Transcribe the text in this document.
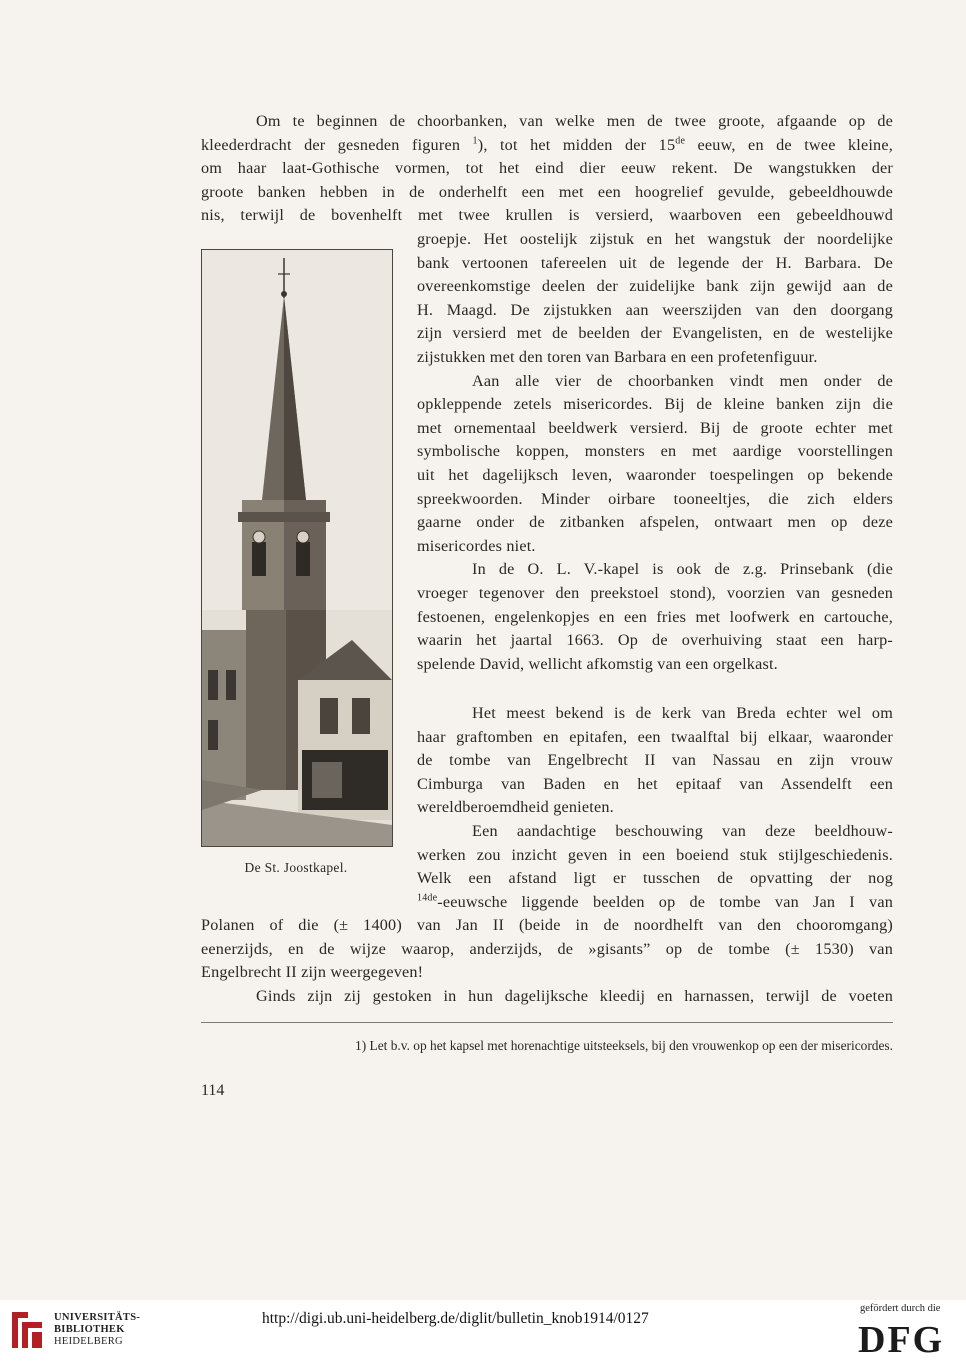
Om te beginnen de choorbanken, van welke men de twee groote, afgaande op de
kleederdracht der gesneden figuren $^1$), tot het midden der 15de eeuw, en de twee kleine,
om haar laat-Gothische vormen, tot het eind dier eeuw rekent. De wangstukken der
groote banken hebben in de onderhelft een met een hoogrelief gevulde, gebeeldhouwde
nis, terwijl de bovenhelft met twee krullen is versierd, waarboven een gebeeldhouwd
De St. Joostkapel.
groepje. Het oostelijk zijstuk en het wangstuk der noordelijke
bank vertoonen tafereelen uit de legende der H. Barbara. De
overeenkomstige deelen der zuidelijke bank zijn gewijd aan de
H. Maagd. De zijstukken aan weerszijden van den doorgang
zijn versierd met de beelden der Evangelisten, en de westelijke
zijstukken met den toren van Barbara en een profetenfiguur.
Aan alle vier de choorbanken vindt men onder de
opkleppende zetels misericordes. Bij de kleine banken zijn die
met ornementaal beeldwerk versierd. Bij de groote echter met
symbolische koppen, monsters en met aardige voorstellingen
uit het dagelijksch leven, waaronder toespelingen op bekende
spreekwoorden. Minder oirbare tooneeltjes, die zich elders
gaarne onder de zitbanken afspelen, ontwaart men op deze
misericordes niet.
In de O. L. V.-kapel is ook de z.g. Prinsebank (die
vroeger tegenover den preekstoel stond), voorzien van gesneden
festoenen, engelenkopjes en een fries met loofwerk en cartouche,
waarin het jaartal 1663. Op de overhuiving staat een harp-
spelende David, wellicht afkomstig van een orgelkast.
Het meest bekend is de kerk van Breda echter wel om
haar graftomben en epitafen, een twaalftal bij elkaar, waaronder
de tombe van Engelbrecht II van Nassau en zijn vrouw
Cimburga van Baden en het epitaaf van Assendelft een
wereldberoemdheid genieten.
Een aandachtige beschouwing van deze beeldhouw-
werken zou inzicht geven in een boeiend stuk stijlgeschiedenis.
Welk een afstand ligt er tusschen de opvatting der nog
$^{14de}$-eeuwsche liggende beelden op de tombe van Jan I van
Polanen of die (± 1400) van Jan II (beide in de noordhelft van den chooromgang)
eenerzijds, en de wijze waarop, anderzijds, de »gisants” op de tombe (± 1530) van
Engelbrecht II zijn weergegeven!
Ginds zijn zij gestoken in hun dagelijksche kleedij en harnassen, terwijl de voeten
1) Let b.v. op het kapsel met horenachtige uitsteeksels, bij den vrouwenkop op een der misericordes.
114
UNIVERSITÄTS-
BIBLIOTHEK
HEIDELBERG
http://digi.ub.uni-heidelberg.de/diglit/bulletin_knob1914/0127
gefördert durch die
DFG
